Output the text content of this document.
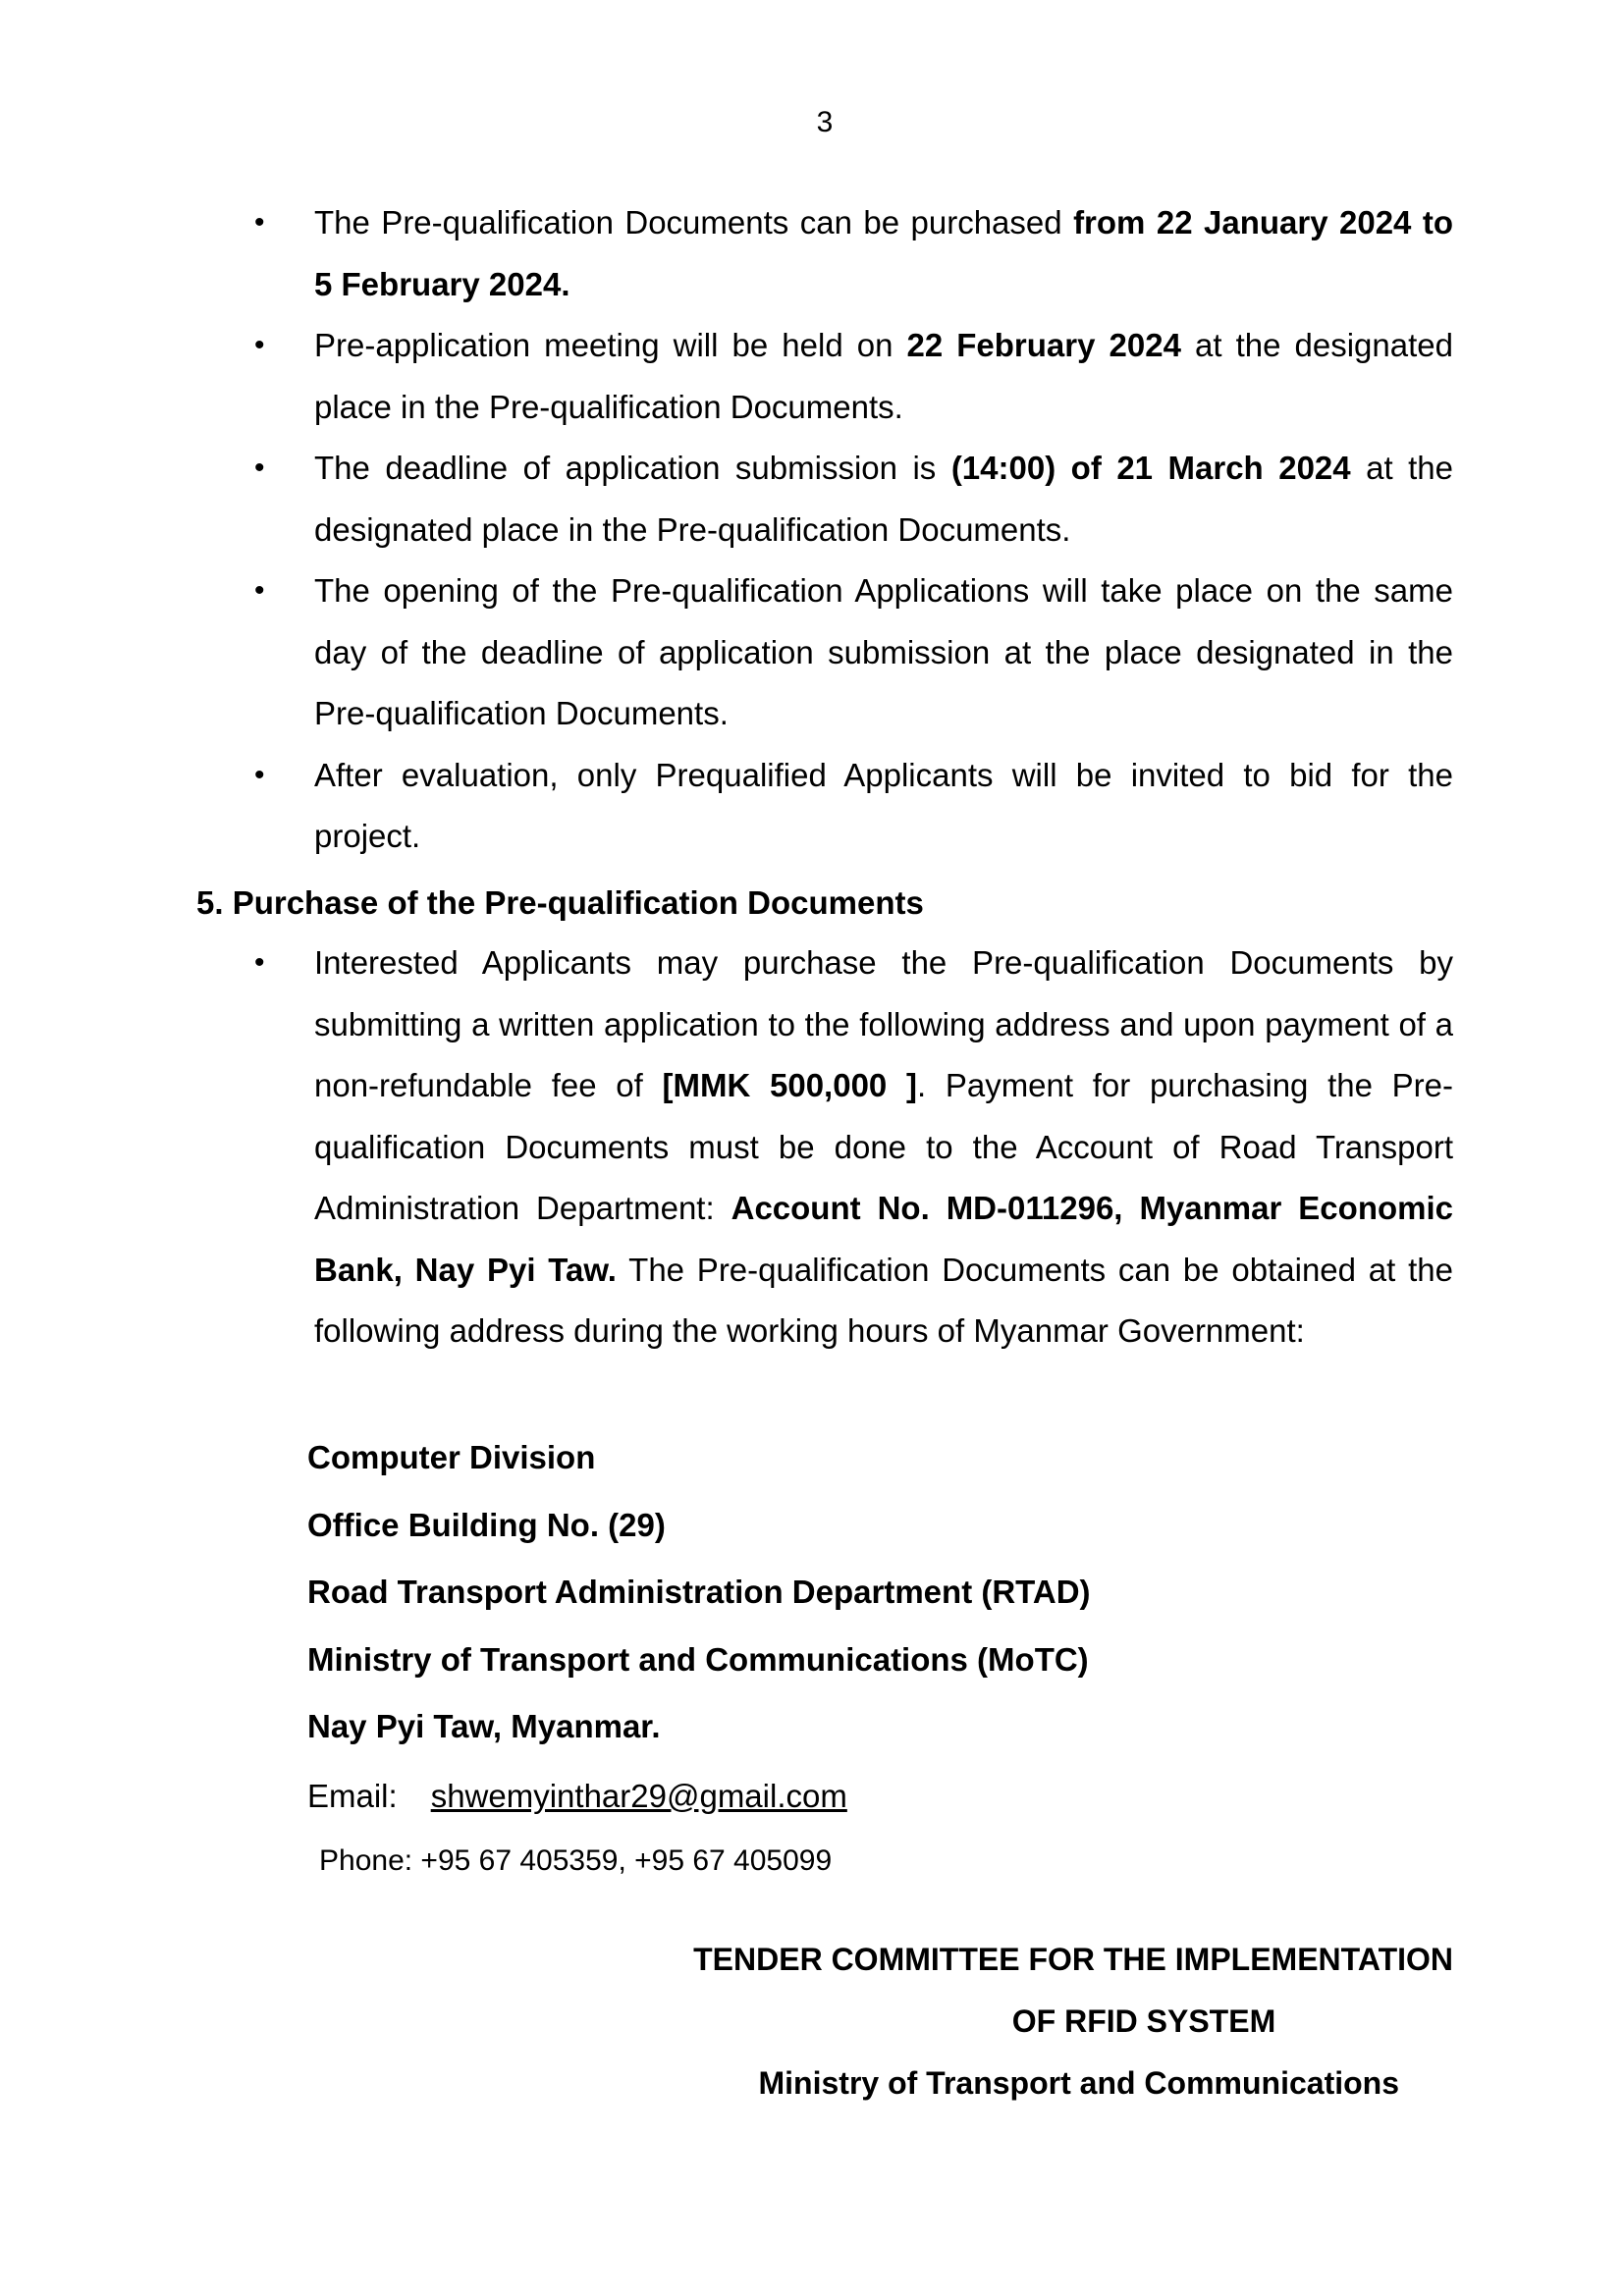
3
• The Pre-qualification Documents can be purchased from 22 January 2024 to 5 February 2024.
• Pre-application meeting will be held on 22 February 2024 at the designated place in the Pre-qualification Documents.
• The deadline of application submission is (14:00) of 21 March 2024 at the designated place in the Pre-qualification Documents.
• The opening of the Pre-qualification Applications will take place on the same day of the deadline of application submission at the place designated in the Pre-qualification Documents.
• After evaluation, only Prequalified Applicants will be invited to bid for the project.
5. Purchase of the Pre-qualification Documents
• Interested Applicants may purchase the Pre-qualification Documents by submitting a written application to the following address and upon payment of a non-refundable fee of [MMK 500,000 ]. Payment for purchasing the Pre-qualification Documents must be done to the Account of Road Transport Administration Department: Account No. MD-011296, Myanmar Economic Bank, Nay Pyi Taw. The Pre-qualification Documents can be obtained at the following address during the working hours of Myanmar Government:
Computer Division
Office Building No. (29)
Road Transport Administration Department (RTAD)
Ministry of Transport and Communications (MoTC)
Nay Pyi Taw, Myanmar.
Email: shwemyinthar29@gmail.com
Phone: +95 67 405359, +95 67 405099
TENDER COMMITTEE FOR THE IMPLEMENTATION
OF RFID SYSTEM
Ministry of Transport and Communications
